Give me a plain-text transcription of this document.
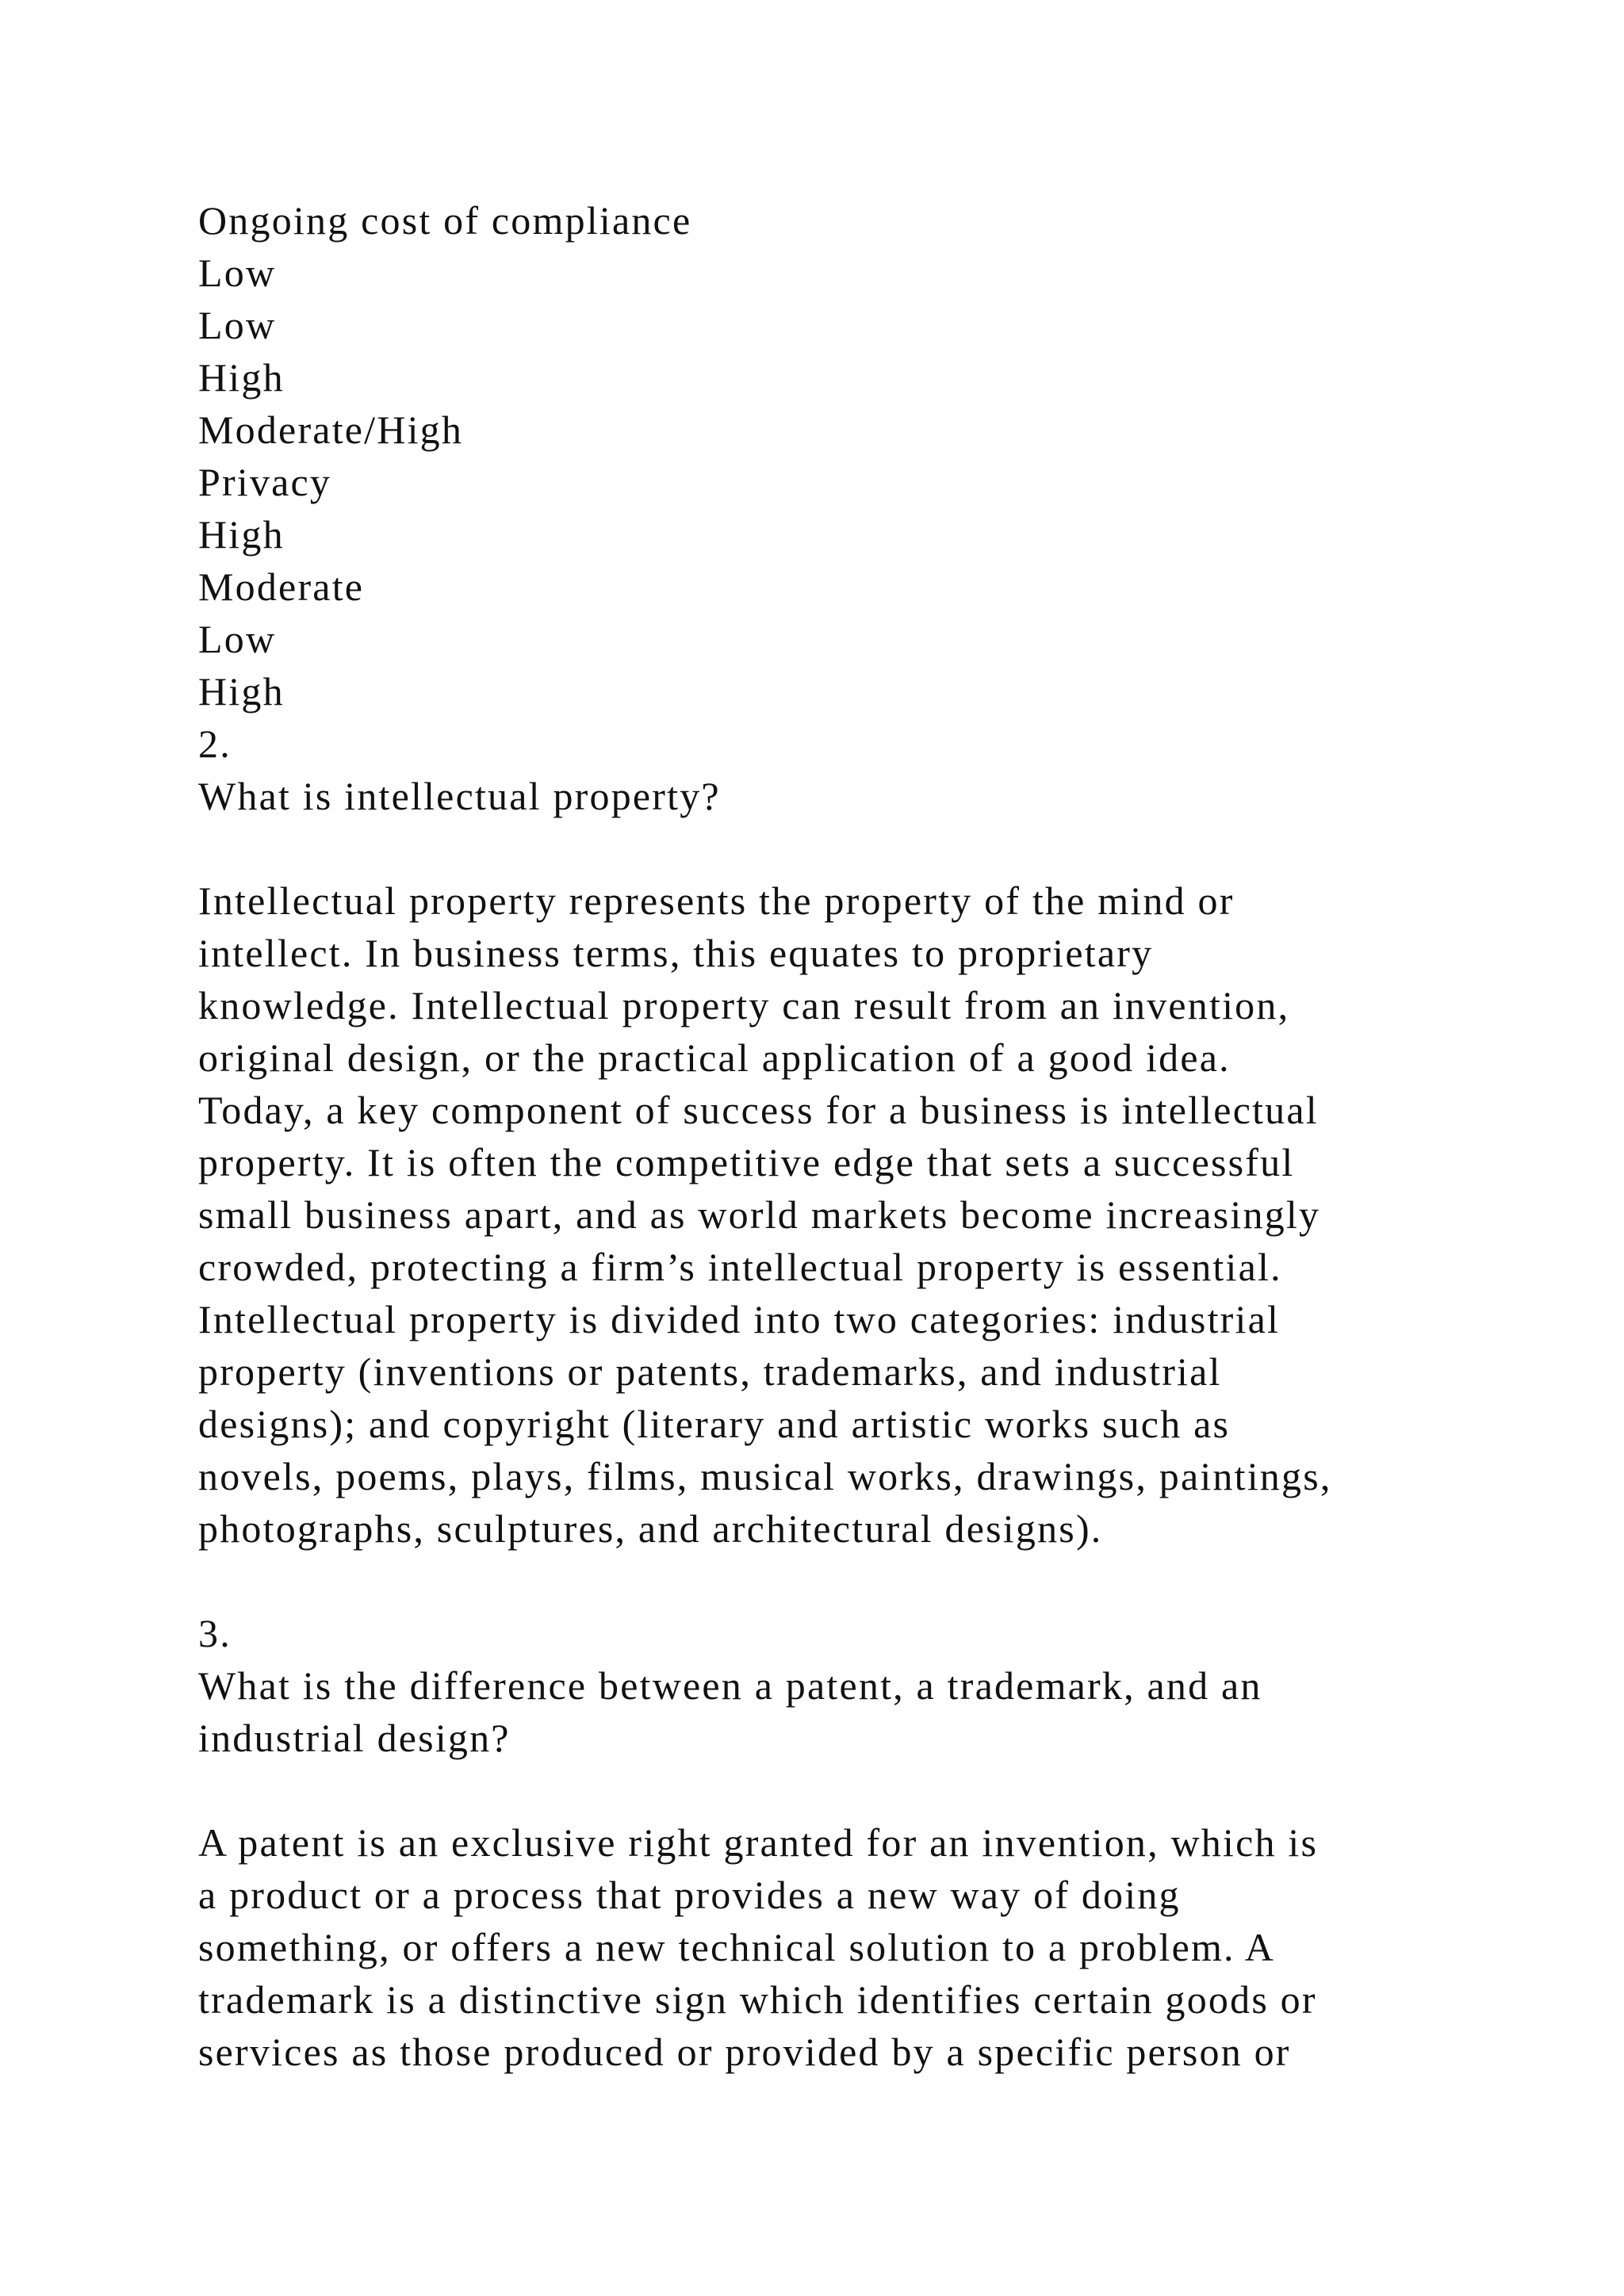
Ongoing cost of compliance
Low
Low
High
Moderate/High
Privacy
High
Moderate
Low
High
2.
What is intellectual property?
Intellectual property represents the property of the mind or
intellect. In business terms, this equates to proprietary
knowledge. Intellectual property can result from an invention,
original design, or the practical application of a good idea.
Today, a key component of success for a business is intellectual
property. It is often the competitive edge that sets a successful
small business apart, and as world markets become increasingly
crowded, protecting a firm’s intellectual property is essential.
Intellectual property is divided into two categories: industrial
property (inventions or patents, trademarks, and industrial
designs); and copyright (literary and artistic works such as
novels, poems, plays, films, musical works, drawings, paintings,
photographs, sculptures, and architectural designs).
3.
What is the difference between a patent, a trademark, and an
industrial design?
A patent is an exclusive right granted for an invention, which is
a product or a process that provides a new way of doing
something, or offers a new technical solution to a problem. A
trademark is a distinctive sign which identifies certain goods or
services as those produced or provided by a specific person or
